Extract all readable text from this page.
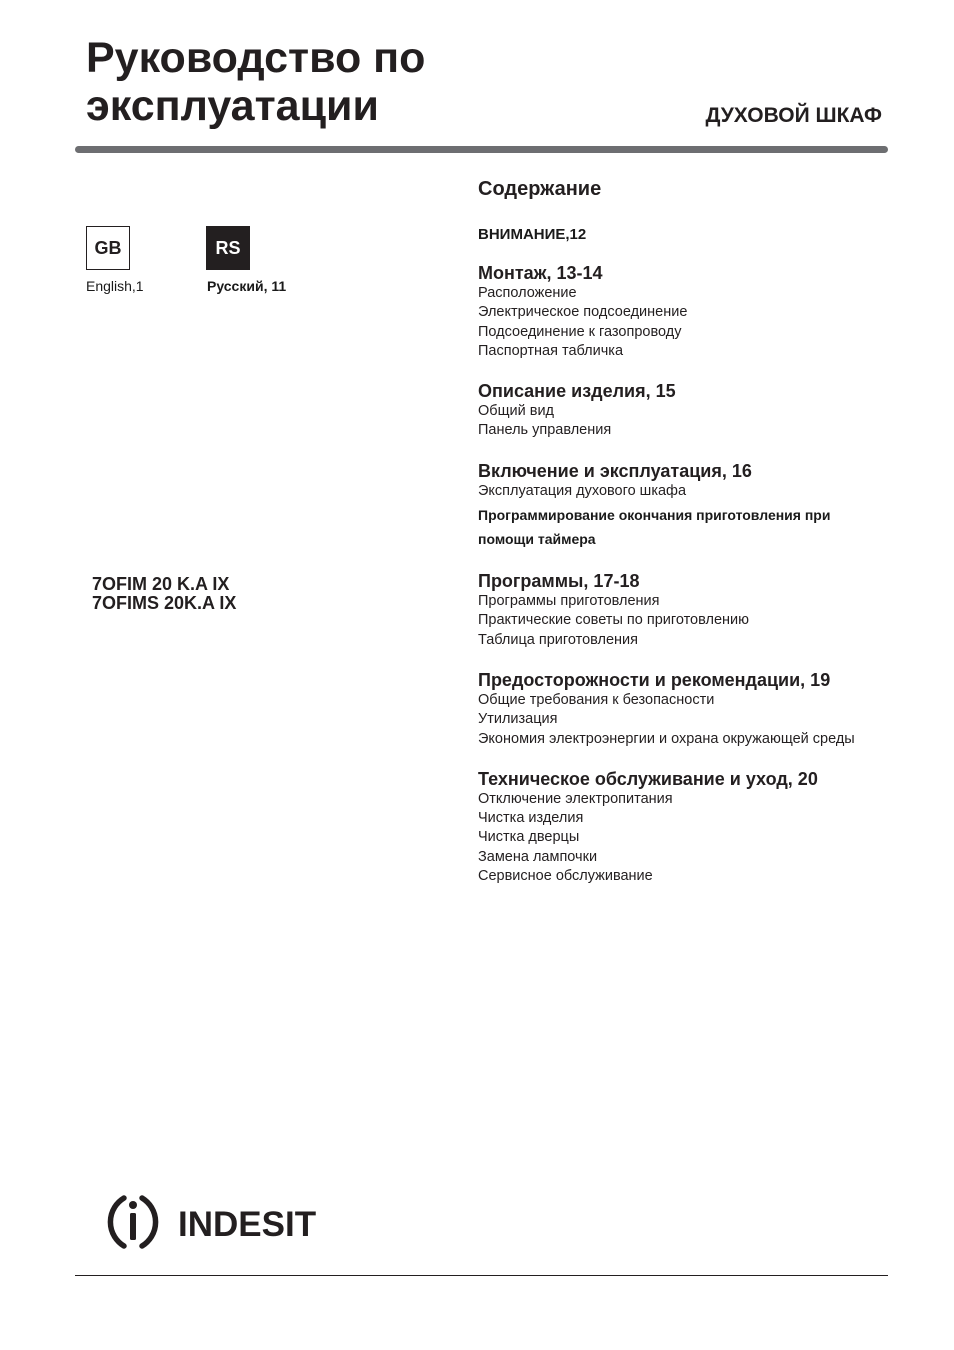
Руководство по
эксплуатации	ДУХОВОЙ ШКАФ
GB	RS
English,1	Русский, 11
7OFIM 20 K.A IX
7OFIMS 20K.A IX
Содержание
ВНИМАНИЕ,12
Монтаж, 13-14
Расположение
Электрическое подсоединение
Подсоединение к газопроводу
Паспортная табличка
Описание изделия, 15
Общий вид
Панель управления
Включение и эксплуатация, 16
Эксплуатация духового шкафа
Программирование окончания приготовления при
помощи таймера
Программы, 17-18
Программы приготовления
Практические советы по приготовлению
Таблица приготовления
Предосторожности и рекомендации, 19
Общие требования к безопасности
Утилизация
Экономия электроэнергии и охрана окружающей среды
Техническое обслуживание и уход, 20
Отключение электропитания
Чистка изделия
Чистка дверцы
Замена лампочки
Сервисное обслуживание
INDESIT
